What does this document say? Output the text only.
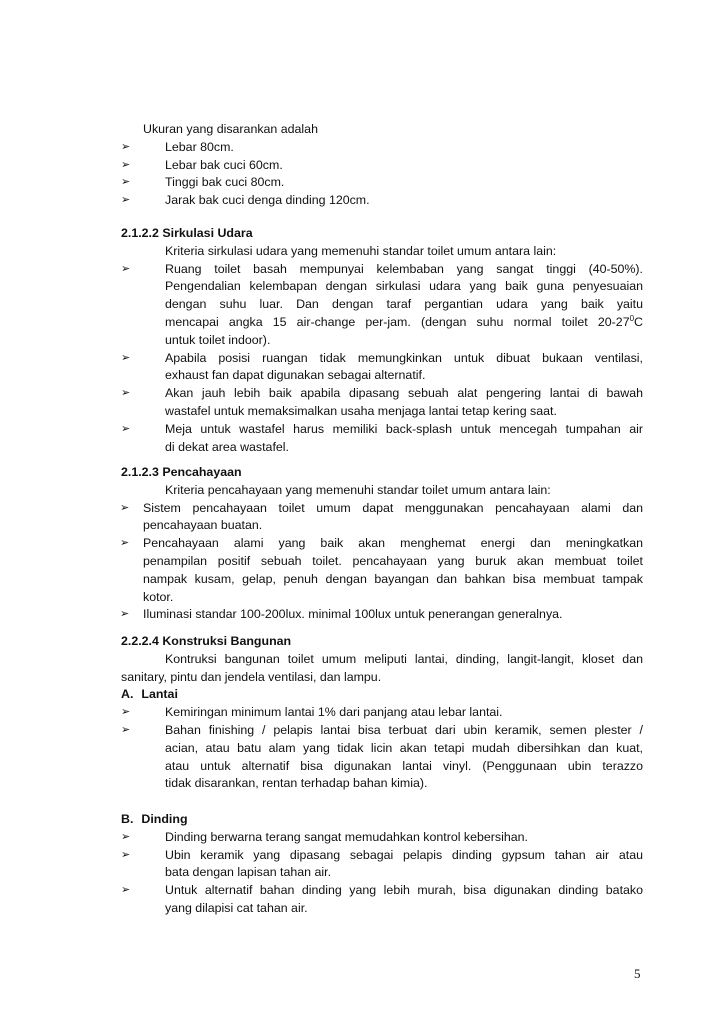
Ukuran yang disarankan adalah
➢	Lebar 80cm.
➢	Lebar bak cuci 60cm.
➢	Tinggi bak cuci 80cm.
➢	Jarak bak cuci denga dinding 120cm.
2.1.2.2 Sirkulasi Udara
Kriteria sirkulasi udara yang memenuhi standar toilet umum antara lain:
➢	Ruang toilet basah mempunyai kelembaban yang sangat tinggi (40-50%).
Pengendalian kelembapan dengan sirkulasi udara yang baik guna penyesuaian
dengan suhu luar. Dan dengan taraf pergantian udara yang baik yaitu
mencapai angka 15 air-change per-jam. (dengan suhu normal toilet $20-27^0C$
untuk toilet indoor).
➢	Apabila posisi ruangan tidak memungkinkan untuk dibuat bukaan ventilasi,
exhaust fan dapat digunakan sebagai alternatif.
➢	Akan jauh lebih baik apabila dipasang sebuah alat pengering lantai di bawah
wastafel untuk memaksimalkan usaha menjaga lantai tetap kering saat.
➢	Meja untuk wastafel harus memiliki back-splash untuk mencegah tumpahan air
di dekat area wastafel.
2.1.2.3 Pencahayaan
Kriteria pencahayaan yang memenuhi standar toilet umum antara lain:
➢	Sistem pencahayaan toilet umum dapat menggunakan pencahayaan alami dan
pencahayaan buatan.
➢	Pencahayaan alami yang baik akan menghemat energi dan meningkatkan
penampilan positif sebuah toilet. pencahayaan yang buruk akan membuat toilet
nampak kusam, gelap, penuh dengan bayangan dan bahkan bisa membuat tampak
kotor.
➢	Iluminasi standar 100-200lux. minimal 100lux untuk penerangan generalnya.
2.2.2.4 Konstruksi Bangunan
Kontruksi bangunan toilet umum meliputi lantai, dinding, langit-langit, kloset dan
sanitary, pintu dan jendela ventilasi, dan lampu.
A. Lantai
➢	Kemiringan minimum lantai 1% dari panjang atau lebar lantai.
➢	Bahan finishing / pelapis lantai bisa terbuat dari ubin keramik, semen plester /
acian, atau batu alam yang tidak licin akan tetapi mudah dibersihkan dan kuat,
atau untuk alternatif bisa digunakan lantai vinyl. (Penggunaan ubin terazzo
tidak disarankan, rentan terhadap bahan kimia).
B. Dinding
➢	Dinding berwarna terang sangat memudahkan kontrol kebersihan.
➢	Ubin keramik yang dipasang sebagai pelapis dinding gypsum tahan air atau
bata dengan lapisan tahan air.
➢	Untuk alternatif bahan dinding yang lebih murah, bisa digunakan dinding batako
yang dilapisi cat tahan air.
5
